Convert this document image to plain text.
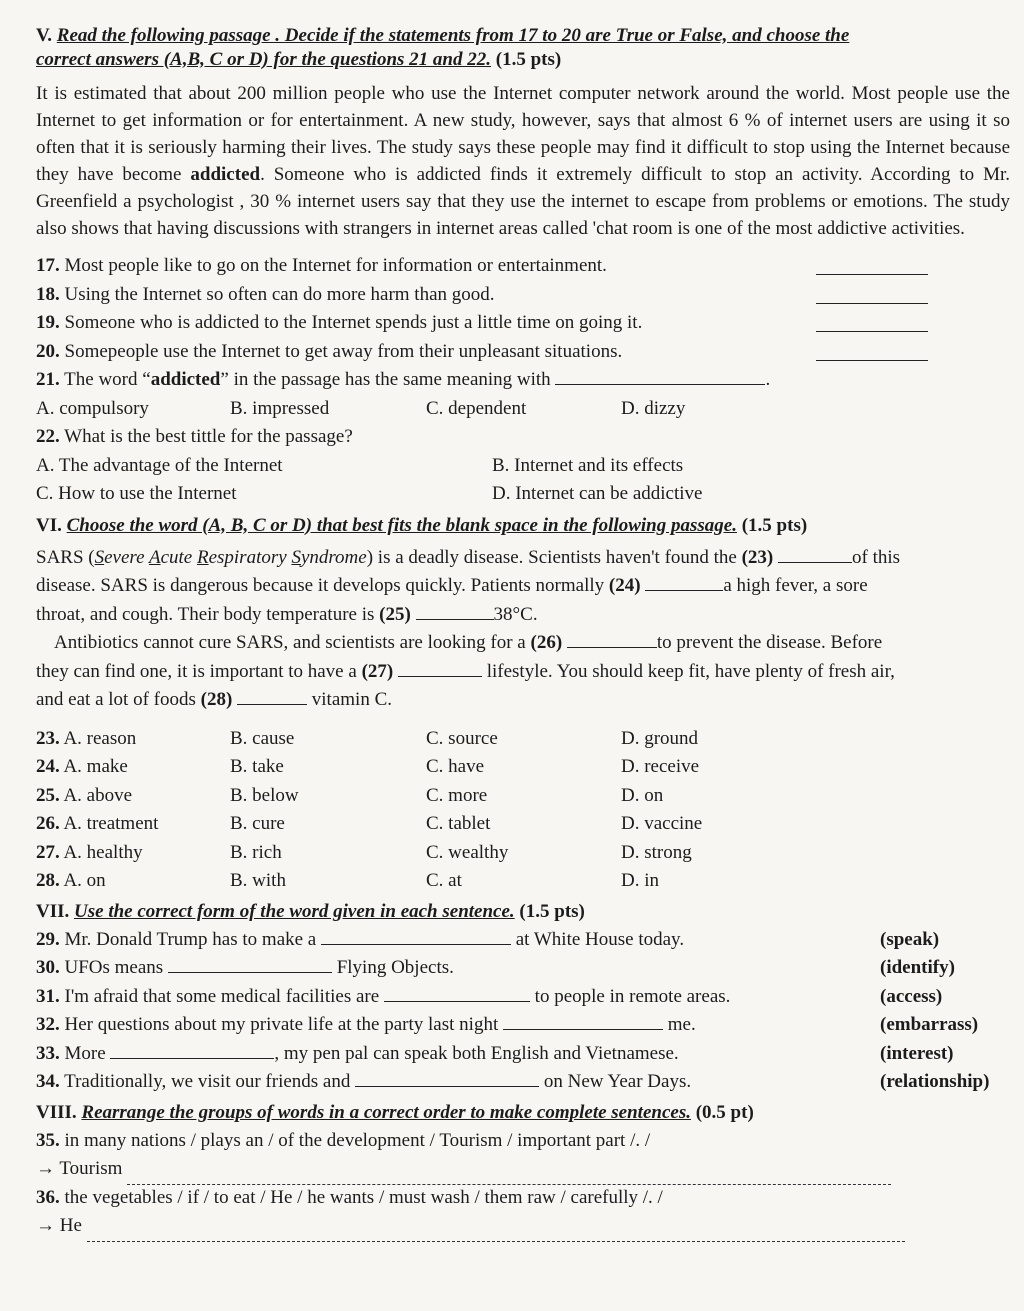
V. Read the following passage . Decide if the statements from 17 to 20 are True or False, and choose the
correct answers (A,B, C or D) for the questions 21 and 22. (1.5 pts)

It is estimated that about 200 million people who use the Internet computer network around the world. Most people use the Internet to get information or for entertainment. A new study, however, says that almost 6 % of internet users are using it so often that it is seriously harming their lives. The study says these people may find it difficult to stop using the Internet because they have become addicted. Someone who is addicted finds it extremely difficult to stop an activity. According to Mr. Greenfield a psychologist , 30 % internet users say that they use the internet to escape from problems or emotions. The study also shows that having discussions with strangers in internet areas called 'chat room is one of the most addictive activities.

17. Most people like to go on the Internet for information or entertainment.
18. Using the Internet so often can do more harm than good.
19. Someone who is addicted to the Internet spends just a little time on going it.
20. Somepeople use the Internet to get away from their unpleasant situations.
21. The word “addicted” in the passage has the same meaning with	.
A. compulsory	B. impressed	C. dependent	D. dizzy
22. What is the best tittle for the passage?
A. The advantage of the Internet	B. Internet and its effects
C. How to use the Internet	D. Internet can be addictive
VI. Choose the word (A, B, C or D) that best fits the blank space in the following passage. (1.5 pts)
SARS (Severe Acute Respiratory Syndrome) is a deadly disease. Scientists haven't found the (23)	of this
disease. SARS is dangerous because it develops quickly. Patients normally (24)	a high fever, a sore
throat, and cough. Their body temperature is (25)	38°C.
Antibiotics cannot cure SARS, and scientists are looking for a (26)	to prevent the disease. Before
they can find one, it is important to have a (27)	lifestyle. You should keep fit, have plenty of fresh air,
and eat a lot of foods (28)	vitamin C.
23. A. reason	B. cause	C. source	D. ground
24. A. make	B. take	C. have	D. receive
25. A. above	B. below	C. more	D. on
26. A. treatment	B. cure	C. tablet	D. vaccine
27. A. healthy	B. rich	C. wealthy	D. strong
28. A. on	B. with	C. at	D. in
VII. Use the correct form of the word given in each sentence. (1.5 pts)
29. Mr. Donald Trump has to make a	at White House today.	(speak)
30. UFOs means	Flying Objects.	(identify)
31. I'm afraid that some medical facilities are	to people in remote areas.	(access)
32. Her questions about my private life at the party last night	me.	(embarrass)
33. More	, my pen pal can speak both English and Vietnamese.	(interest)
34. Traditionally, we visit our friends and	on New Year Days.	(relationship)
VIII. Rearrange the groups of words in a correct order to make complete sentences. (0.5 pt)
35. in many nations / plays an / of the development / Tourism / important part /. /
→ Tourism
36. the vegetables / if / to eat / He / he wants / must wash / them raw / carefully /. /
→ He
